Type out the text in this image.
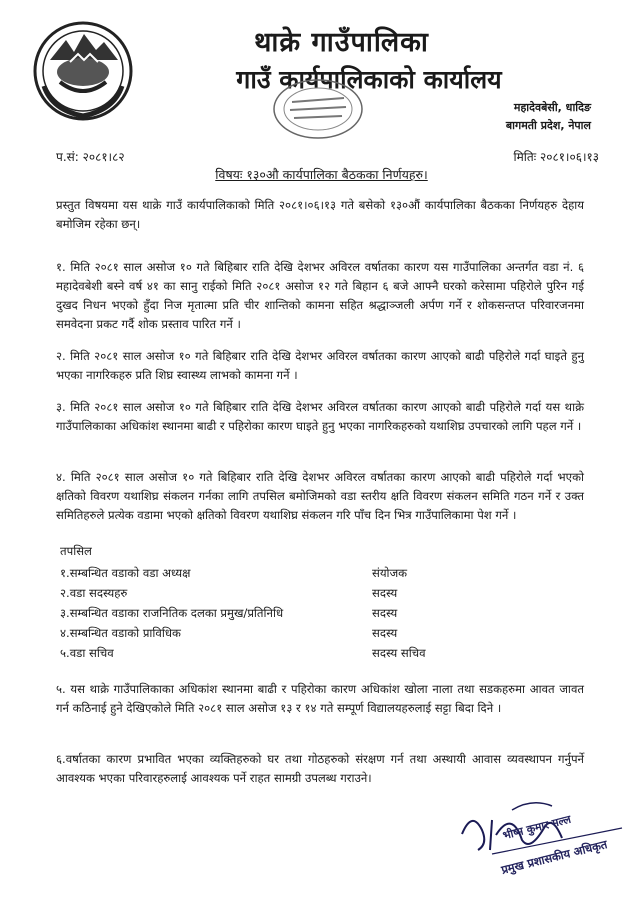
थाक्रे गाउँपालिका
गाउँ कार्यपालिकाको कार्यालय
महादेवबेसी, धादिङ
बागमती प्रदेश, नेपाल
प.सं: २०८१।८२	मितिः २०८१।०६।१३
विषयः १३०औ कार्यपालिका बैठकका निर्णयहरु।
प्रस्तुत विषयमा यस थाक्रे गाउँ कार्यपालिकाको मिति २०८१।०६।१३ गते बसेको १३०औं कार्यपालिका बैठकका निर्णयहरु देहाय बमोजिम रहेका छन्।
१. मिति २०८१ साल असोज १० गते बिहिबार राति देखि देशभर अविरल वर्षातका कारण यस गाउँपालिका अन्तर्गत वडा नं. ६ महादेवबेशी बस्ने वर्ष ४१ का सानु राईको मिति २०८१ असोज १२ गते बिहान ६ बजे आफ्नै घरको करेसामा पहिरोले पुरिन गई दुखद निधन भएको हुँदा निज मृतात्मा प्रति चीर शान्तिको कामना सहित श्रद्धाञ्जली अर्पण गर्ने र शोकसन्तप्त परिवारजनमा समवेदना प्रकट गर्दै शोक प्रस्ताव पारित गर्ने ।
२. मिति २०८१ साल असोज १० गते बिहिबार राति देखि देशभर अविरल वर्षातका कारण आएको बाढी पहिरोले गर्दा घाइते हुनु भएका नागरिकहरु प्रति शिघ्र स्वास्थ्य लाभको कामना गर्ने ।
३. मिति २०८१ साल असोज १० गते बिहिबार राति देखि देशभर अविरल वर्षातका कारण आएको बाढी पहिरोले गर्दा यस थाक्रे गाउँपालिकाका अधिकांश स्थानमा बाढी र पहिरोका कारण घाइते हुनु भएका नागरिकहरुको यथाशिघ्र उपचारको लागि पहल गर्ने ।
४. मिति २०८१ साल असोज १० गते बिहिबार राति देखि देशभर अविरल वर्षातका कारण आएको बाढी पहिरोले गर्दा भएको क्षतिको विवरण यथाशिघ्र संकलन गर्नका लागि तपसिल बमोजिमको वडा स्तरीय क्षति विवरण संकलन समिति गठन गर्ने र उक्त समितिहरुले प्रत्येक वडामा भएको क्षतिको विवरण यथाशिघ्र संकलन गरि पाँच दिन भित्र गाउँपालिकामा पेश गर्ने ।
तपसिल
१.सम्बन्धित वडाको वडा अध्यक्ष	संयोजक
२.वडा सदस्यहरु	सदस्य
३.सम्बन्धित वडाका राजनितिक दलका प्रमुख/प्रतिनिधि	सदस्य
४.सम्बन्धित वडाको प्राविधिक	सदस्य
५.वडा सचिव	सदस्य सचिव
५. यस थाक्रे गाउँपालिकाका अधिकांश स्थानमा बाढी र पहिरोका कारण अधिकांश खोला नाला तथा सडकहरुमा आवत जावत गर्न कठिनाई हुने देखिएकोले मिति २०८१ साल असोज १३ र १४ गते सम्पूर्ण विद्यालयहरुलाई सट्टा बिदा दिने ।
६.वर्षातका कारण प्रभावित भएका व्यक्तिहरुको घर तथा गोठहरुको संरक्षण गर्न तथा अस्थायी आवास व्यवस्थापन गर्नुपर्ने आवश्यक भएका परिवारहरुलाई आवश्यक पर्ने राहत सामग्री उपलब्ध गराउने।
भीष्म कुमार मल्ल
प्रमुख प्रशासकीय अधिकृत
